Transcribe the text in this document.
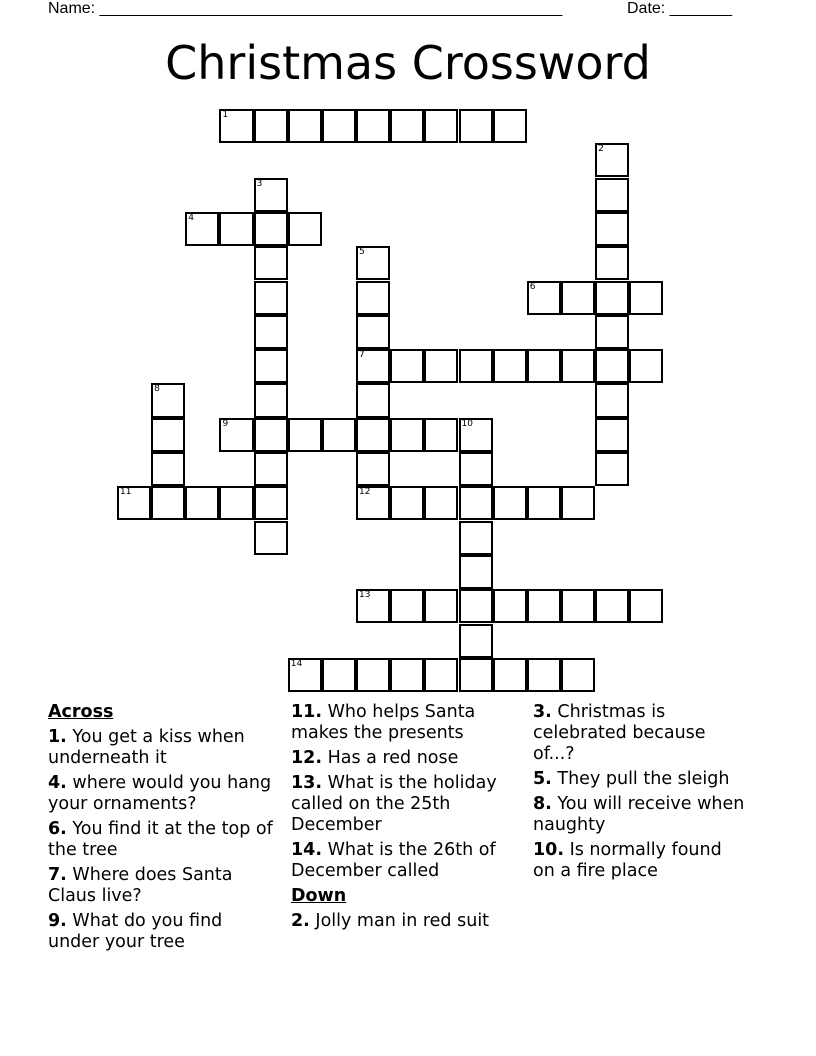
Name: ____________________________________________________	Date: _______
Christmas Crossword
1
2
3
4
5
7
12
6
8
9	10
11
13
14
Across
1. You get a kiss when underneath it
4. where would you hang your ornaments?
6. You find it at the top of the tree
7. Where does Santa Claus live?
9. What do you find under your tree
11. Who helps Santa makes the presents
12. Has a red nose
13. What is the holiday called on the 25th December
14. What is the 26th of December called
Down
2. Jolly man in red suit
3. Christmas is celebrated because of...?
5. They pull the sleigh
8. You will receive when naughty
10. Is normally found on a fire place
